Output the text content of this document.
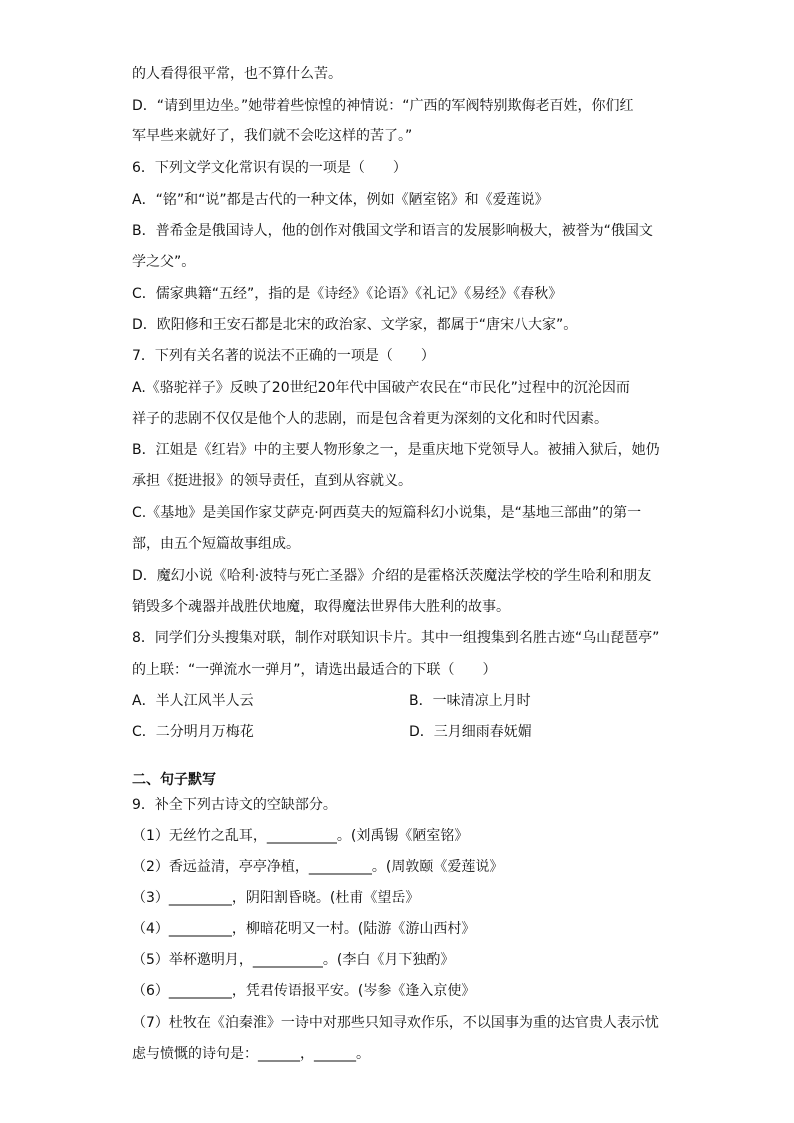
的人看得很平常，也不算什么苦。
D．“请到里边坐。”她带着些惊惶的神情说：“广西的军阀特别欺侮老百姓，你们红
军早些来就好了，我们就不会吃这样的苦了。”
6．下列文学文化常识有误的一项是（　　）
A．“铭”和“说”都是古代的一种文体，例如《陋室铭》和《爱莲说》
B．普希金是俄国诗人，他的创作对俄国文学和语言的发展影响极大，被誉为“俄国文
学之父”。
C．儒家典籍“五经”，指的是《诗经》《论语》《礼记》《易经》《春秋》
D．欧阳修和王安石都是北宋的政治家、文学家，都属于“唐宋八大家”。
7．下列有关名著的说法不正确的一项是（　　）
A.《骆驼祥子》反映了20世纪20年代中国破产农民在“市民化”过程中的沉沦因而
祥子的悲剧不仅仅是他个人的悲剧，而是包含着更为深刻的文化和时代因素。
B．江姐是《红岩》中的主要人物形象之一，是重庆地下党领导人。被捕入狱后，她仍
承担《挺进报》的领导责任，直到从容就义。
C.《基地》是美国作家艾萨克·阿西莫夫的短篇科幻小说集，是“基地三部曲”的第一
部，由五个短篇故事组成。
D．魔幻小说《哈利·波特与死亡圣器》介绍的是霍格沃茨魔法学校的学生哈利和朋友
销毁多个魂器并战胜伏地魔，取得魔法世界伟大胜利的故事。
8．同学们分头搜集对联，制作对联知识卡片。其中一组搜集到名胜古迹“乌山琵琶亭”
的上联：“一弹流水一弹月”，请选出最适合的下联（　　）
A．半人江风半人云	B．一味清凉上月时
C．二分明月万梅花	D．三月细雨春妩媚
二、句子默写
9．补全下列古诗文的空缺部分。
（1）无丝竹之乱耳，__________。(刘禹锡《陋室铭》
（2）香远益清，亭亭净植，_________。(周敦颐《爱莲说》
（3）_________，阴阳割昏晓。(杜甫《望岳》
（4）_________，柳暗花明又一村。(陆游《游山西村》
（5）举杯邀明月，__________。(李白《月下独酌》
（6）_________，凭君传语报平安。(岑参《逢入京使》
（7）杜牧在《泊秦淮》一诗中对那些只知寻欢作乐，不以国事为重的达官贵人表示忧
虑与愤慨的诗句是：______，______。
